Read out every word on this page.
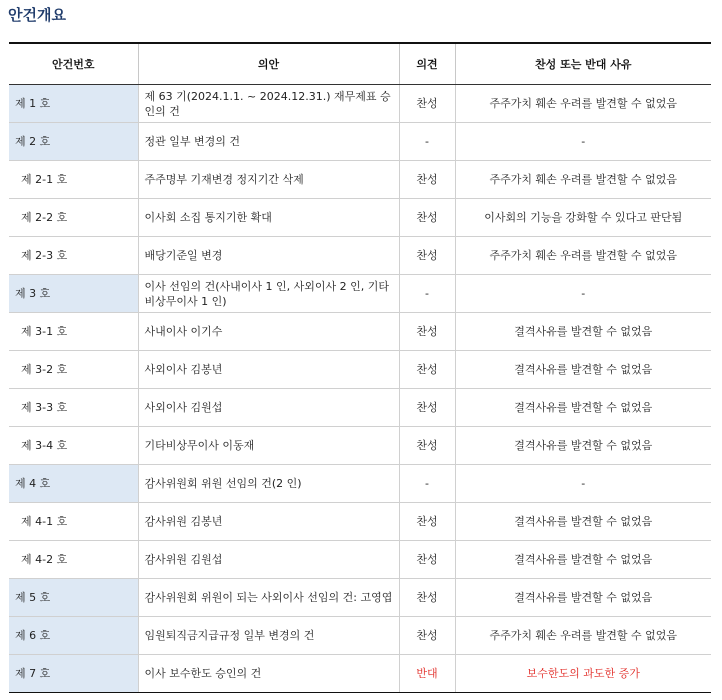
안건개요
안건번호	의안	의견	찬성 또는 반대 사유
제 1 호	제 63 기(2024.1.1. ~ 2024.12.31.) 재무제표 승인의 건	찬성	주주가치 훼손 우려를 발견할 수 없었음
제 2 호	정관 일부 변경의 건	-	-
제 2-1 호	주주명부 기재변경 정지기간 삭제	찬성	주주가치 훼손 우려를 발견할 수 없었음
제 2-2 호	이사회 소집 통지기한 확대	찬성	이사회의 기능을 강화할 수 있다고 판단됨
제 2-3 호	배당기준일 변경	찬성	주주가치 훼손 우려를 발견할 수 없었음
제 3 호	이사 선임의 건(사내이사 1 인, 사외이사 2 인, 기타비상무이사 1 인)	-	-
제 3-1 호	사내이사 이기수	찬성	결격사유를 발견할 수 없었음
제 3-2 호	사외이사 김봉년	찬성	결격사유를 발견할 수 없었음
제 3-3 호	사외이사 김원섭	찬성	결격사유를 발견할 수 없었음
제 3-4 호	기타비상무이사 이동재	찬성	결격사유를 발견할 수 없었음
제 4 호	감사위원회 위원 선임의 건(2 인)	-	-
제 4-1 호	감사위원 김봉년	찬성	결격사유를 발견할 수 없었음
제 4-2 호	감사위원 김원섭	찬성	결격사유를 발견할 수 없었음
제 5 호	감사위원회 위원이 되는 사외이사 선임의 건: 고영엽	찬성	결격사유를 발견할 수 없었음
제 6 호	임원퇴직금지급규정 일부 변경의 건	찬성	주주가치 훼손 우려를 발견할 수 없었음
제 7 호	이사 보수한도 승인의 건	반대	보수한도의 과도한 증가
